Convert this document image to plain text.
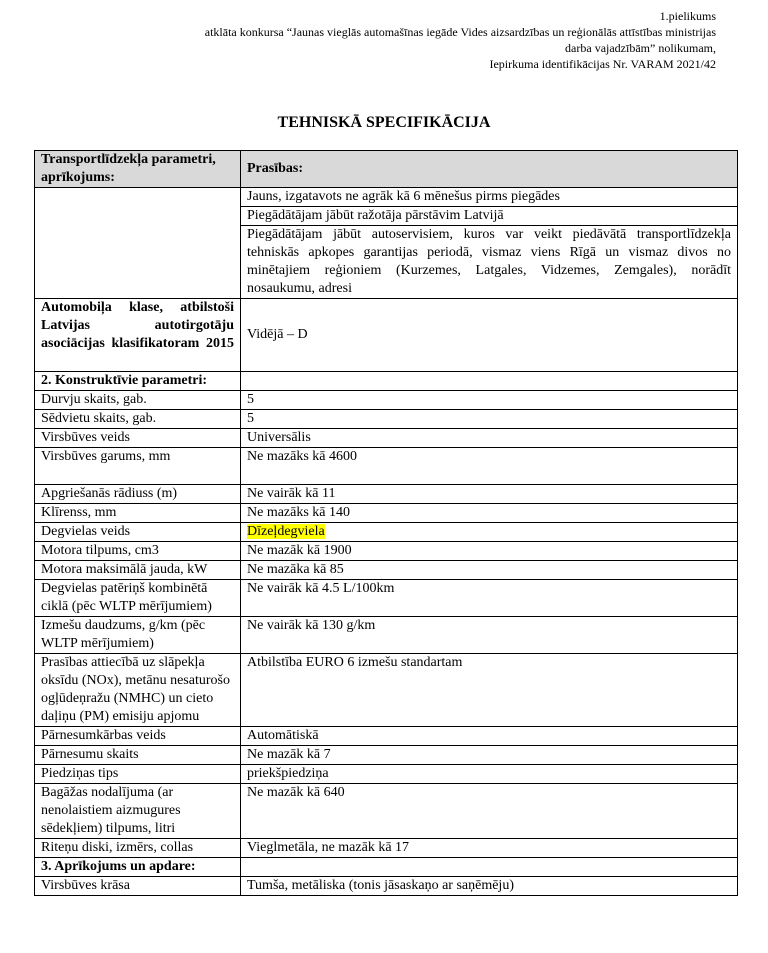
1.pielikums
atklāta konkursa “Jaunas vieglās automašīnas iegāde Vides aizsardzības un reģionālās attīstības ministrijas
darba vajadzībām” nolikumam,
Iepirkuma identifikācijas Nr. VARAM 2021/42
TEHNISKĀ SPECIFIKĀCIJA
Transportlīdzekļa parametri, aprīkojums:	Prasības:
	Jauns, izgatavots ne agrāk kā 6 mēnešus pirms piegādes
	Piegādātājam jābūt ražotāja pārstāvim Latvijā
	Piegādātājam jābūt autoservisiem, kuros var veikt piedāvātā transportlīdzekļa tehniskās apkopes garantijas periodā, vismaz viens Rīgā un vismaz divos no minētajiem reģioniem (Kurzemes, Latgales, Vidzemes, Zemgales), norādīt nosaukumu, adresi
Automobiļa klase, atbilstoši Latvijas autotirgotāju asociācijas klasifikatoram 2015	Vidējā – D
2. Konstruktīvie parametri:	
Durvju skaits, gab.	5
Sēdvietu skaits, gab.	5
Virsbūves veids	Universālis
Virsbūves garums, mm	Ne mazāks kā 4600
Apgriešanās rādiuss (m)	Ne vairāk kā 11
Klīrenss, mm	Ne mazāks kā 140
Degvielas veids	Dīzeļdegviela
Motora tilpums, cm3	Ne mazāk kā 1900
Motora maksimālā jauda, kW	Ne mazāka kā 85
Degvielas patēriņš kombinētā ciklā (pēc WLTP mērījumiem)	Ne vairāk kā 4.5 L/100km
Izmešu daudzums, g/km (pēc WLTP mērījumiem)	Ne vairāk kā 130 g/km
Prasības attiecībā uz slāpekļa oksīdu (NOx), metānu nesaturošo ogļūdeņražu (NMHC) un cieto daļiņu (PM) emisiju apjomu	Atbilstība EURO 6 izmešu standartam
Pārnesumkārbas veids	Automātiskā
Pārnesumu skaits	Ne mazāk kā 7
Piedziņas tips	priekšpiedziņa
Bagāžas nodalījuma (ar nenolaistiem aizmugures sēdekļiem) tilpums, litri	Ne mazāk kā 640
Riteņu diski, izmērs, collas	Vieglmetāla, ne mazāk kā 17
3. Aprīkojums un apdare:	
Virsbūves krāsa	Tumša, metāliska (tonis jāsaskaņo ar saņēmēju)
